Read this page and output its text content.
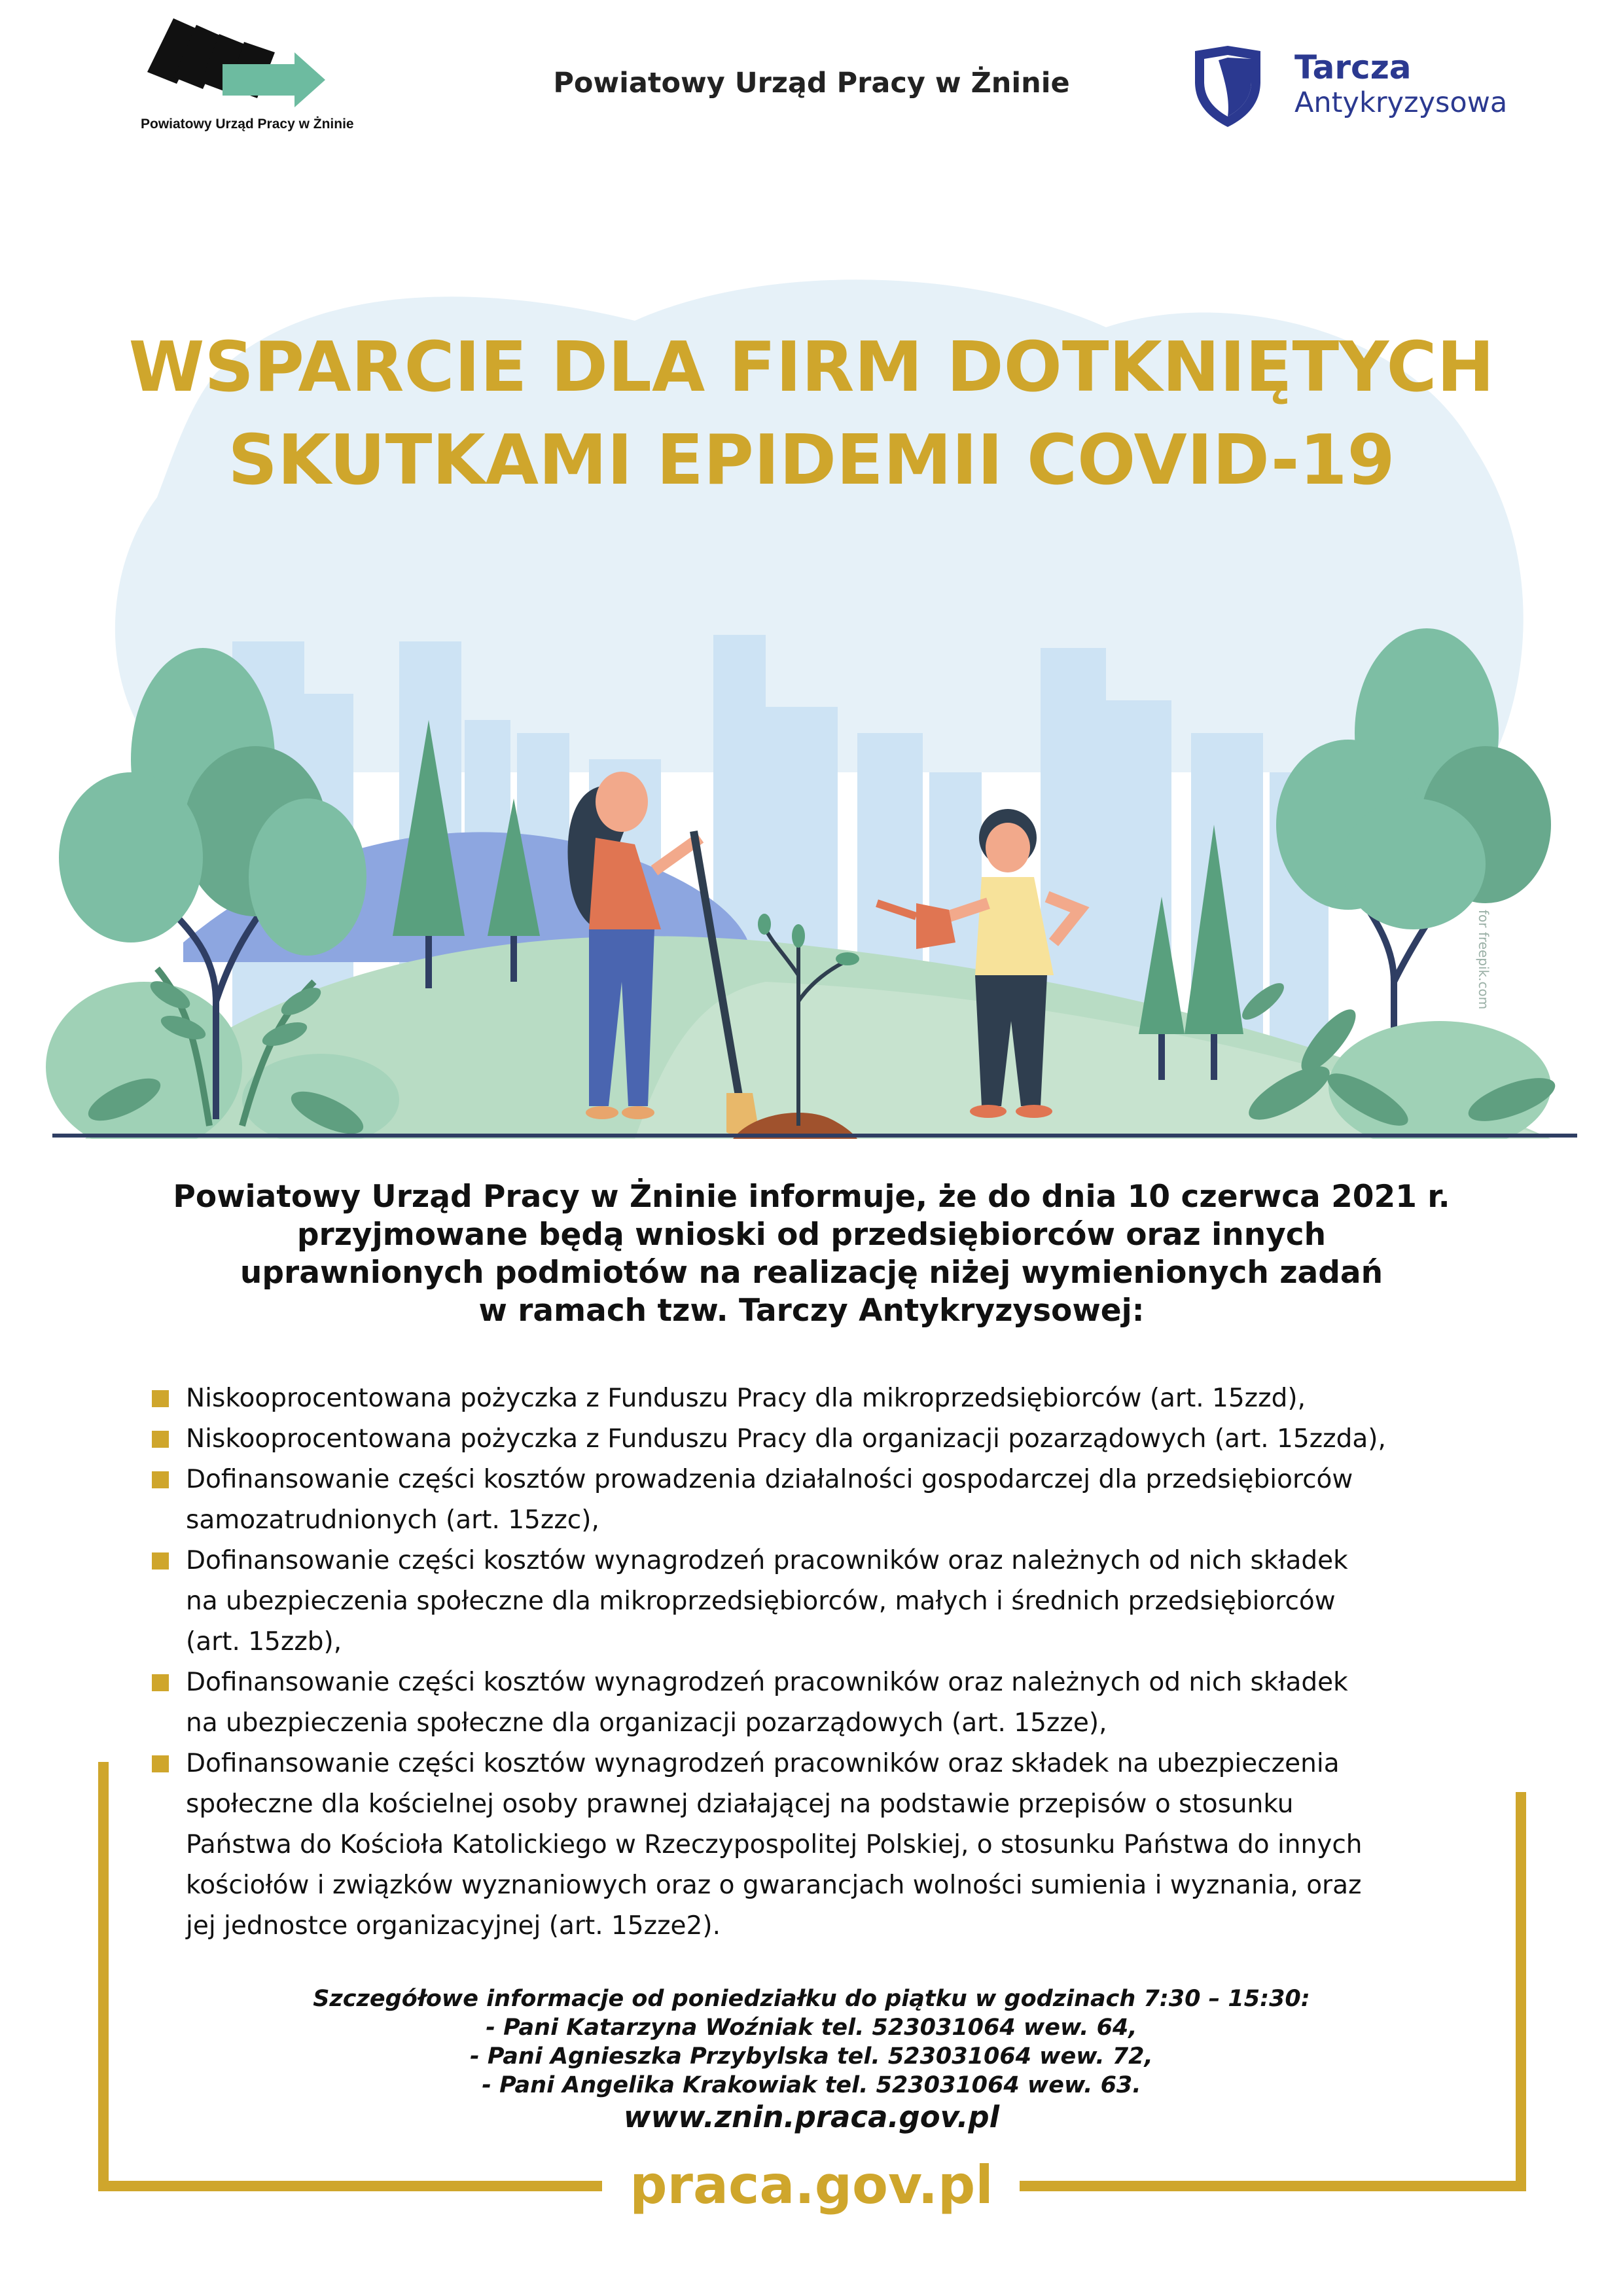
Powiatowy Urząd Pracy w Żninie
Powiatowy Urząd Pracy w Żninie	Tarcza
Antykryzysowa
for freepik.com
WSPARCIE DLA FIRM DOTKNIĘTYCH
SKUTKAMI EPIDEMII COVID-19
Powiatowy Urząd Pracy w Żninie informuje, że do dnia 10 czerwca 2021 r.
przyjmowane będą wnioski od przedsiębiorców oraz innych
uprawnionych podmiotów na realizację niżej wymienionych zadań
w ramach tzw. Tarczy Antykryzysowej:
Niskooprocentowana pożyczka z Funduszu Pracy dla mikroprzedsiębiorców (art. 15zzd),
Niskooprocentowana pożyczka z Funduszu Pracy dla organizacji pozarządowych (art. 15zzda),
Dofinansowanie części kosztów prowadzenia działalności gospodarczej dla przedsiębiorców
samozatrudnionych (art. 15zzc),
Dofinansowanie części kosztów wynagrodzeń pracowników oraz należnych od nich składek
na ubezpieczenia społeczne dla mikroprzedsiębiorców, małych i średnich przedsiębiorców
(art. 15zzb),
Dofinansowanie części kosztów wynagrodzeń pracowników oraz należnych od nich składek
na ubezpieczenia społeczne dla organizacji pozarządowych (art. 15zze),
Dofinansowanie części kosztów wynagrodzeń pracowników oraz składek na ubezpieczenia
społeczne dla kościelnej osoby prawnej działającej na podstawie przepisów o stosunku
Państwa do Kościoła Katolickiego w Rzeczypospolitej Polskiej, o stosunku Państwa do innych
kościołów i związków wyznaniowych oraz o gwarancjach wolności sumienia i wyznania, oraz
jej jednostce organizacyjnej (art. 15zze2).
Szczegółowe informacje od poniedziałku do piątku w godzinach 7:30 – 15:30:
- Pani Katarzyna Woźniak tel. 523031064 wew. 64,
- Pani Agnieszka Przybylska tel. 523031064 wew. 72,
- Pani Angelika Krakowiak tel. 523031064 wew. 63.
www.znin.praca.gov.pl
praca.gov.pl
